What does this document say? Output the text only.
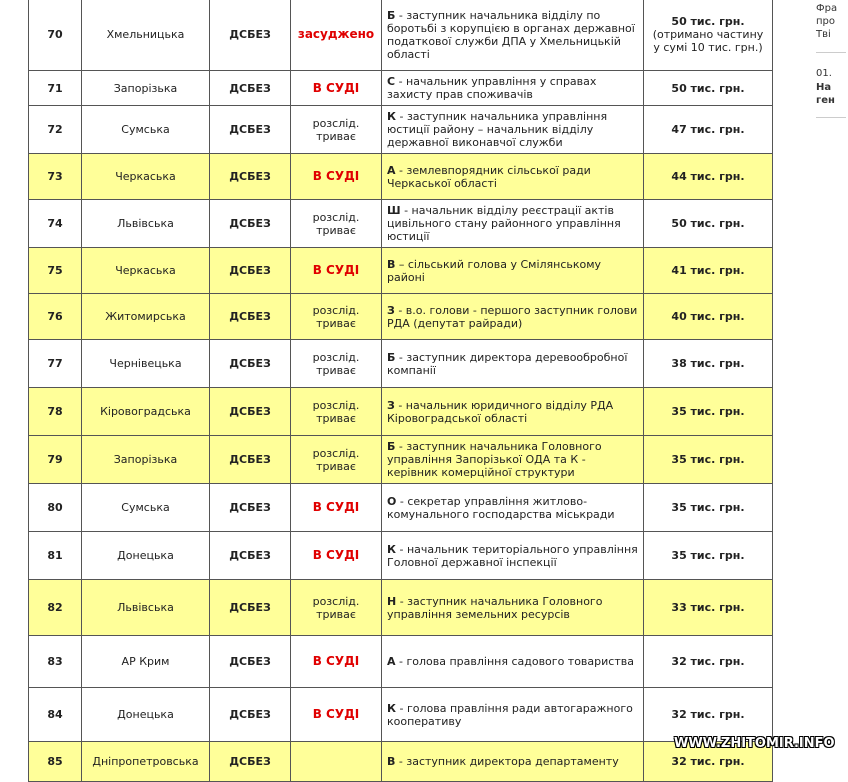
70	Хмельницька	ДСБЕЗ	засуджено	Б - заступник начальника відділу по боротьбі з корупцією в органах державної податкової служби ДПА у Хмельницькій області	50 тис. грн.
(отримано частину у сумі 10 тис. грн.)

71	Запорізька	ДСБЕЗ	В СУДІ	С - начальник управління у справах захисту прав споживачів	50 тис. грн.
72	Сумська	ДСБЕЗ	розслід. триває	К - заступник начальника управління юстиції району – начальник відділу державної виконавчої служби	47 тис. грн.
73	Черкаська	ДСБЕЗ	В СУДІ	А - землевпорядник сільської ради Черкаської області	44 тис. грн.
74	Львівська	ДСБЕЗ	розслід. триває	Ш - начальник відділу реєстрації актів цивільного стану районного управління юстиції	50 тис. грн.
75	Черкаська	ДСБЕЗ	В СУДІ	В – сільський голова у Смілянському районі	41 тис. грн.
76	Житомирська	ДСБЕЗ	розслід. триває	З - в.о. голови - першого заступник голови РДА (депутат райради)	40 тис. грн.
77	Чернівецька	ДСБЕЗ	розслід. триває	Б - заступник директора деревообробної компанії	38 тис. грн.
78	Кіровоградська	ДСБЕЗ	розслід. триває	З - начальник юридичного відділу РДА Кіровоградської області	35 тис. грн.
79	Запорізька	ДСБЕЗ	розслід. триває	Б - заступник начальника Головного управління Запорізької ОДА та К - керівник комерційної структури	35 тис. грн.
80	Сумська	ДСБЕЗ	В СУДІ	О - секретар управління житлово-комунального господарства міськради	35 тис. грн.
81	Донецька	ДСБЕЗ	В СУДІ	К - начальник територіального управління Головної державної інспекції	35 тис. грн.
82	Львівська	ДСБЕЗ	розслід. триває	Н - заступник начальника Головного управління земельних ресурсів	33 тис. грн.
83	АР Крим	ДСБЕЗ	В СУДІ	А - голова правління садового товариства	32 тис. грн.
84	Донецька	ДСБЕЗ	В СУДІ	К - голова правління ради автогаражного кооперативу	32 тис. грн.
85	Дніпропетровська	ДСБЕЗ		В - заступник директора департаменту	32 тис. грн.
Фра
про
Тві
01.
На
ген
WWW.ZHITOMIR.INFO
